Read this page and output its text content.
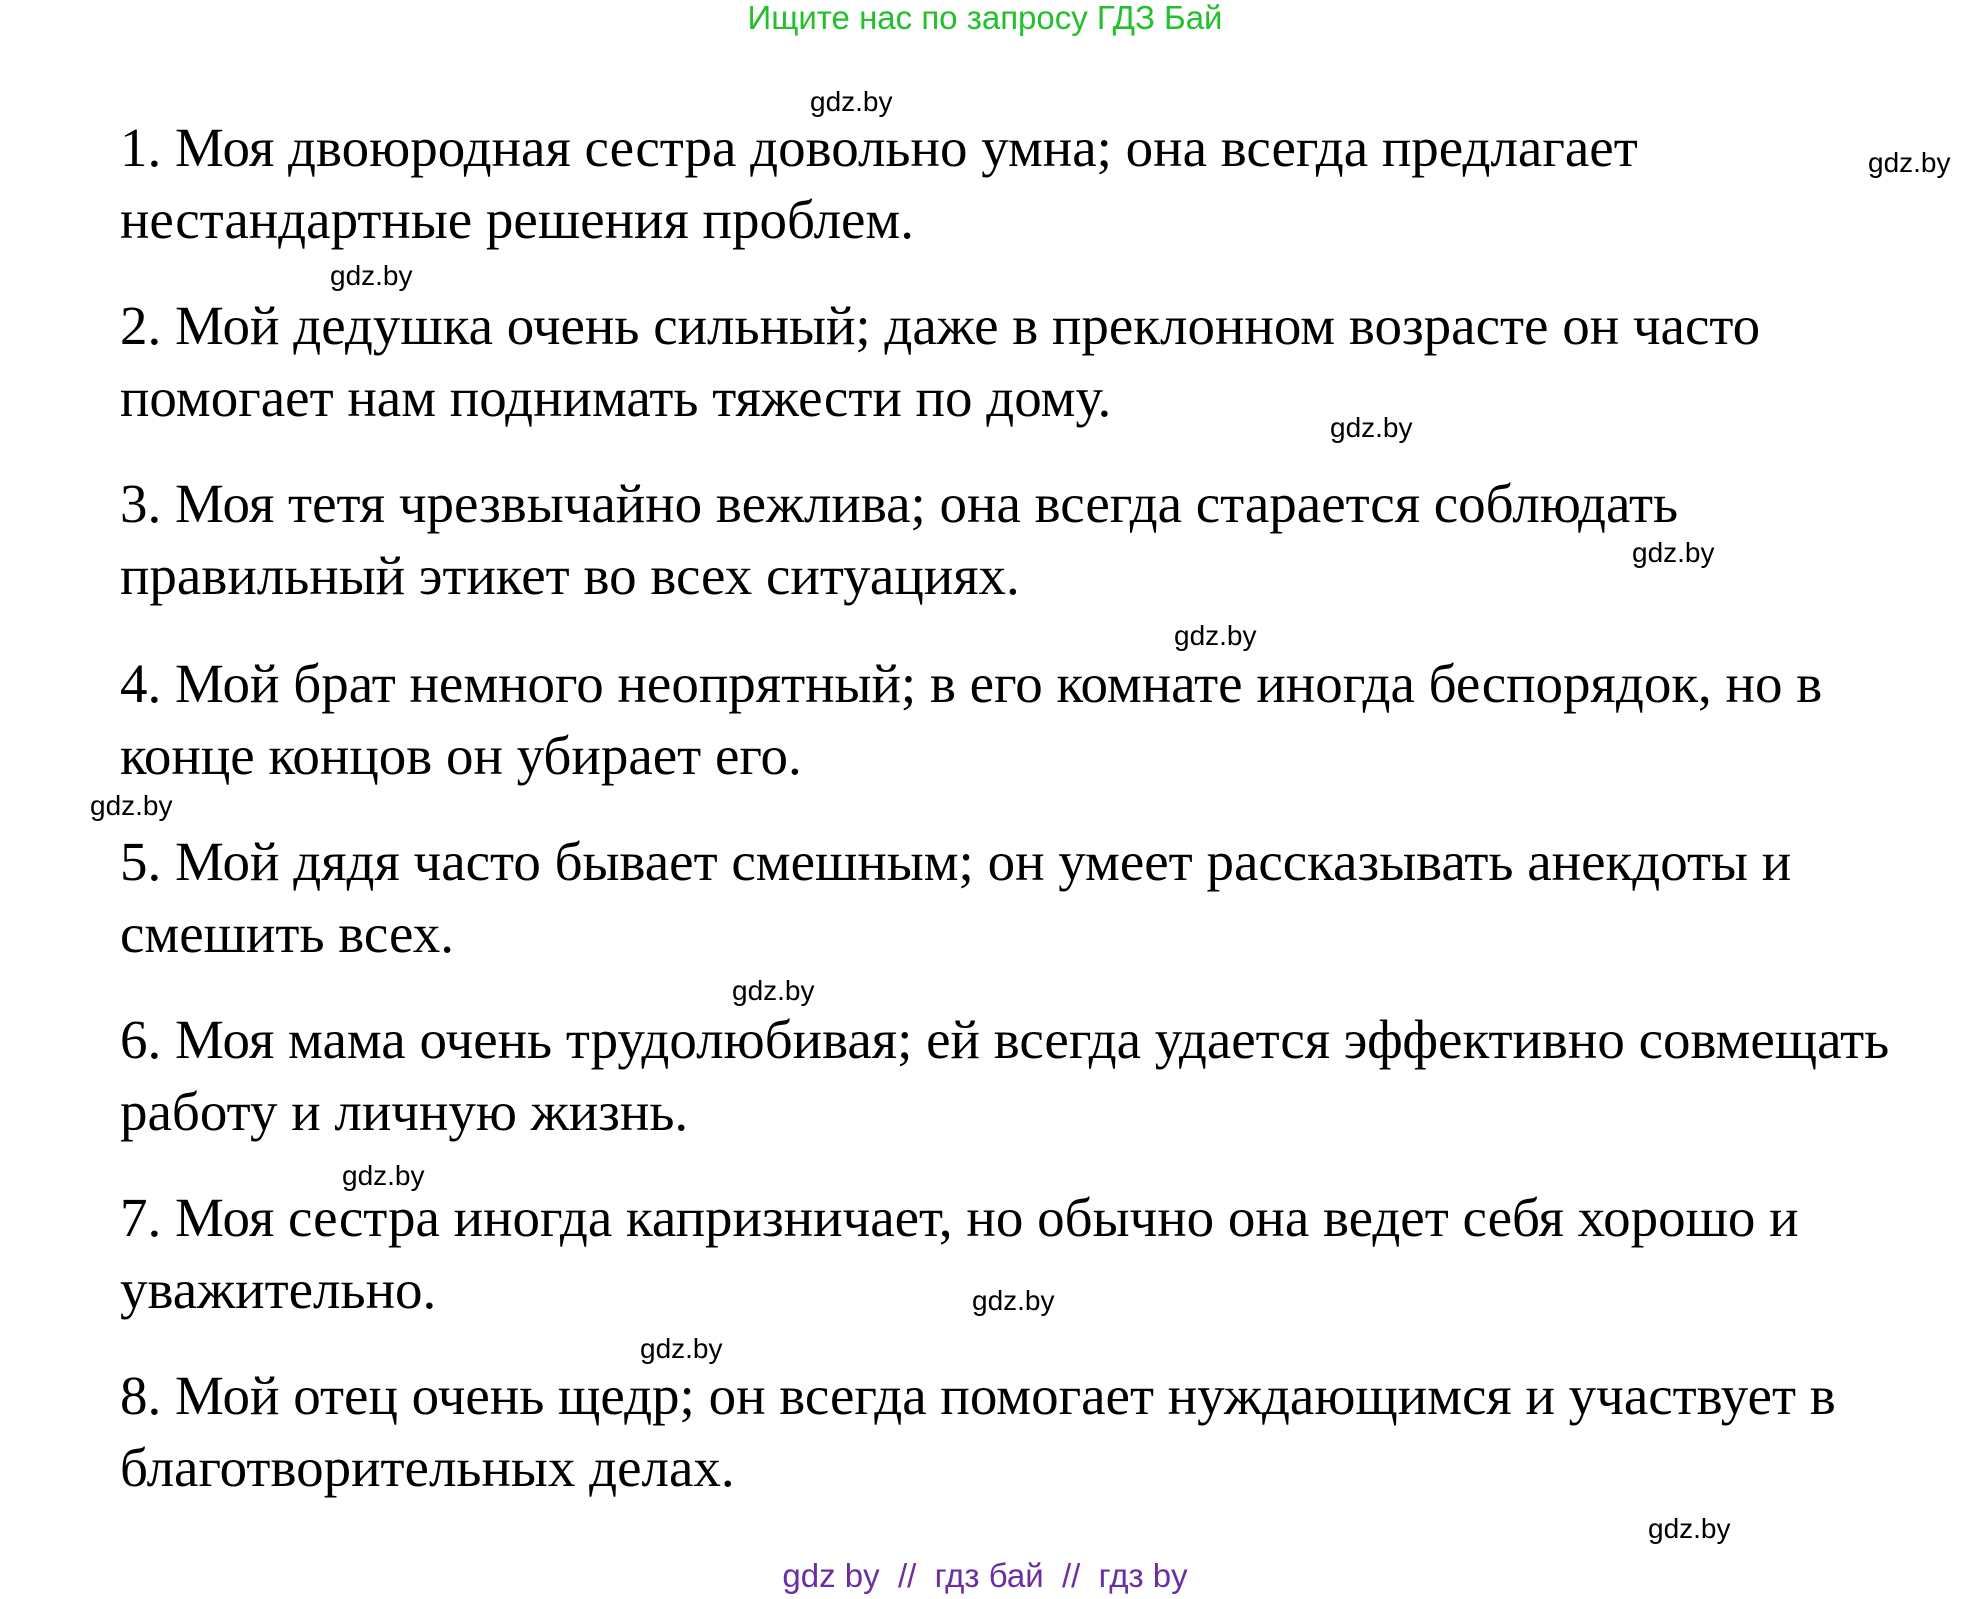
Ищите нас по запросу ГДЗ Бай

1. Моя двоюродная сестра довольно умна; она всегда предлагает нестандартные решения проблем.

2. Мой дедушка очень сильный; даже в преклонном возрасте он часто помогает нам поднимать тяжести по дому.

3. Моя тетя чрезвычайно вежлива; она всегда старается соблюдать правильный этикет во всех ситуациях.

4. Мой брат немного неопрятный; в его комнате иногда беспорядок, но в конце концов он убирает его.

5. Мой дядя часто бывает смешным; он умеет рассказывать анекдоты и смешить всех.

6. Моя мама очень трудолюбивая; ей всегда удается эффективно совмещать работу и личную жизнь.

7. Моя сестра иногда капризничает, но обычно она ведет себя хорошо и уважительно.

8. Мой отец очень щедр; он всегда помогает нуждающимся и участвует в благотворительных делах.

gdz.by
gdz.by
gdz.by
gdz.by
gdz.by
gdz.by
gdz.by
gdz.by
gdz.by
gdz.by
gdz.by
gdz.by
gdz by  //  гдз бай  //  гдз by
